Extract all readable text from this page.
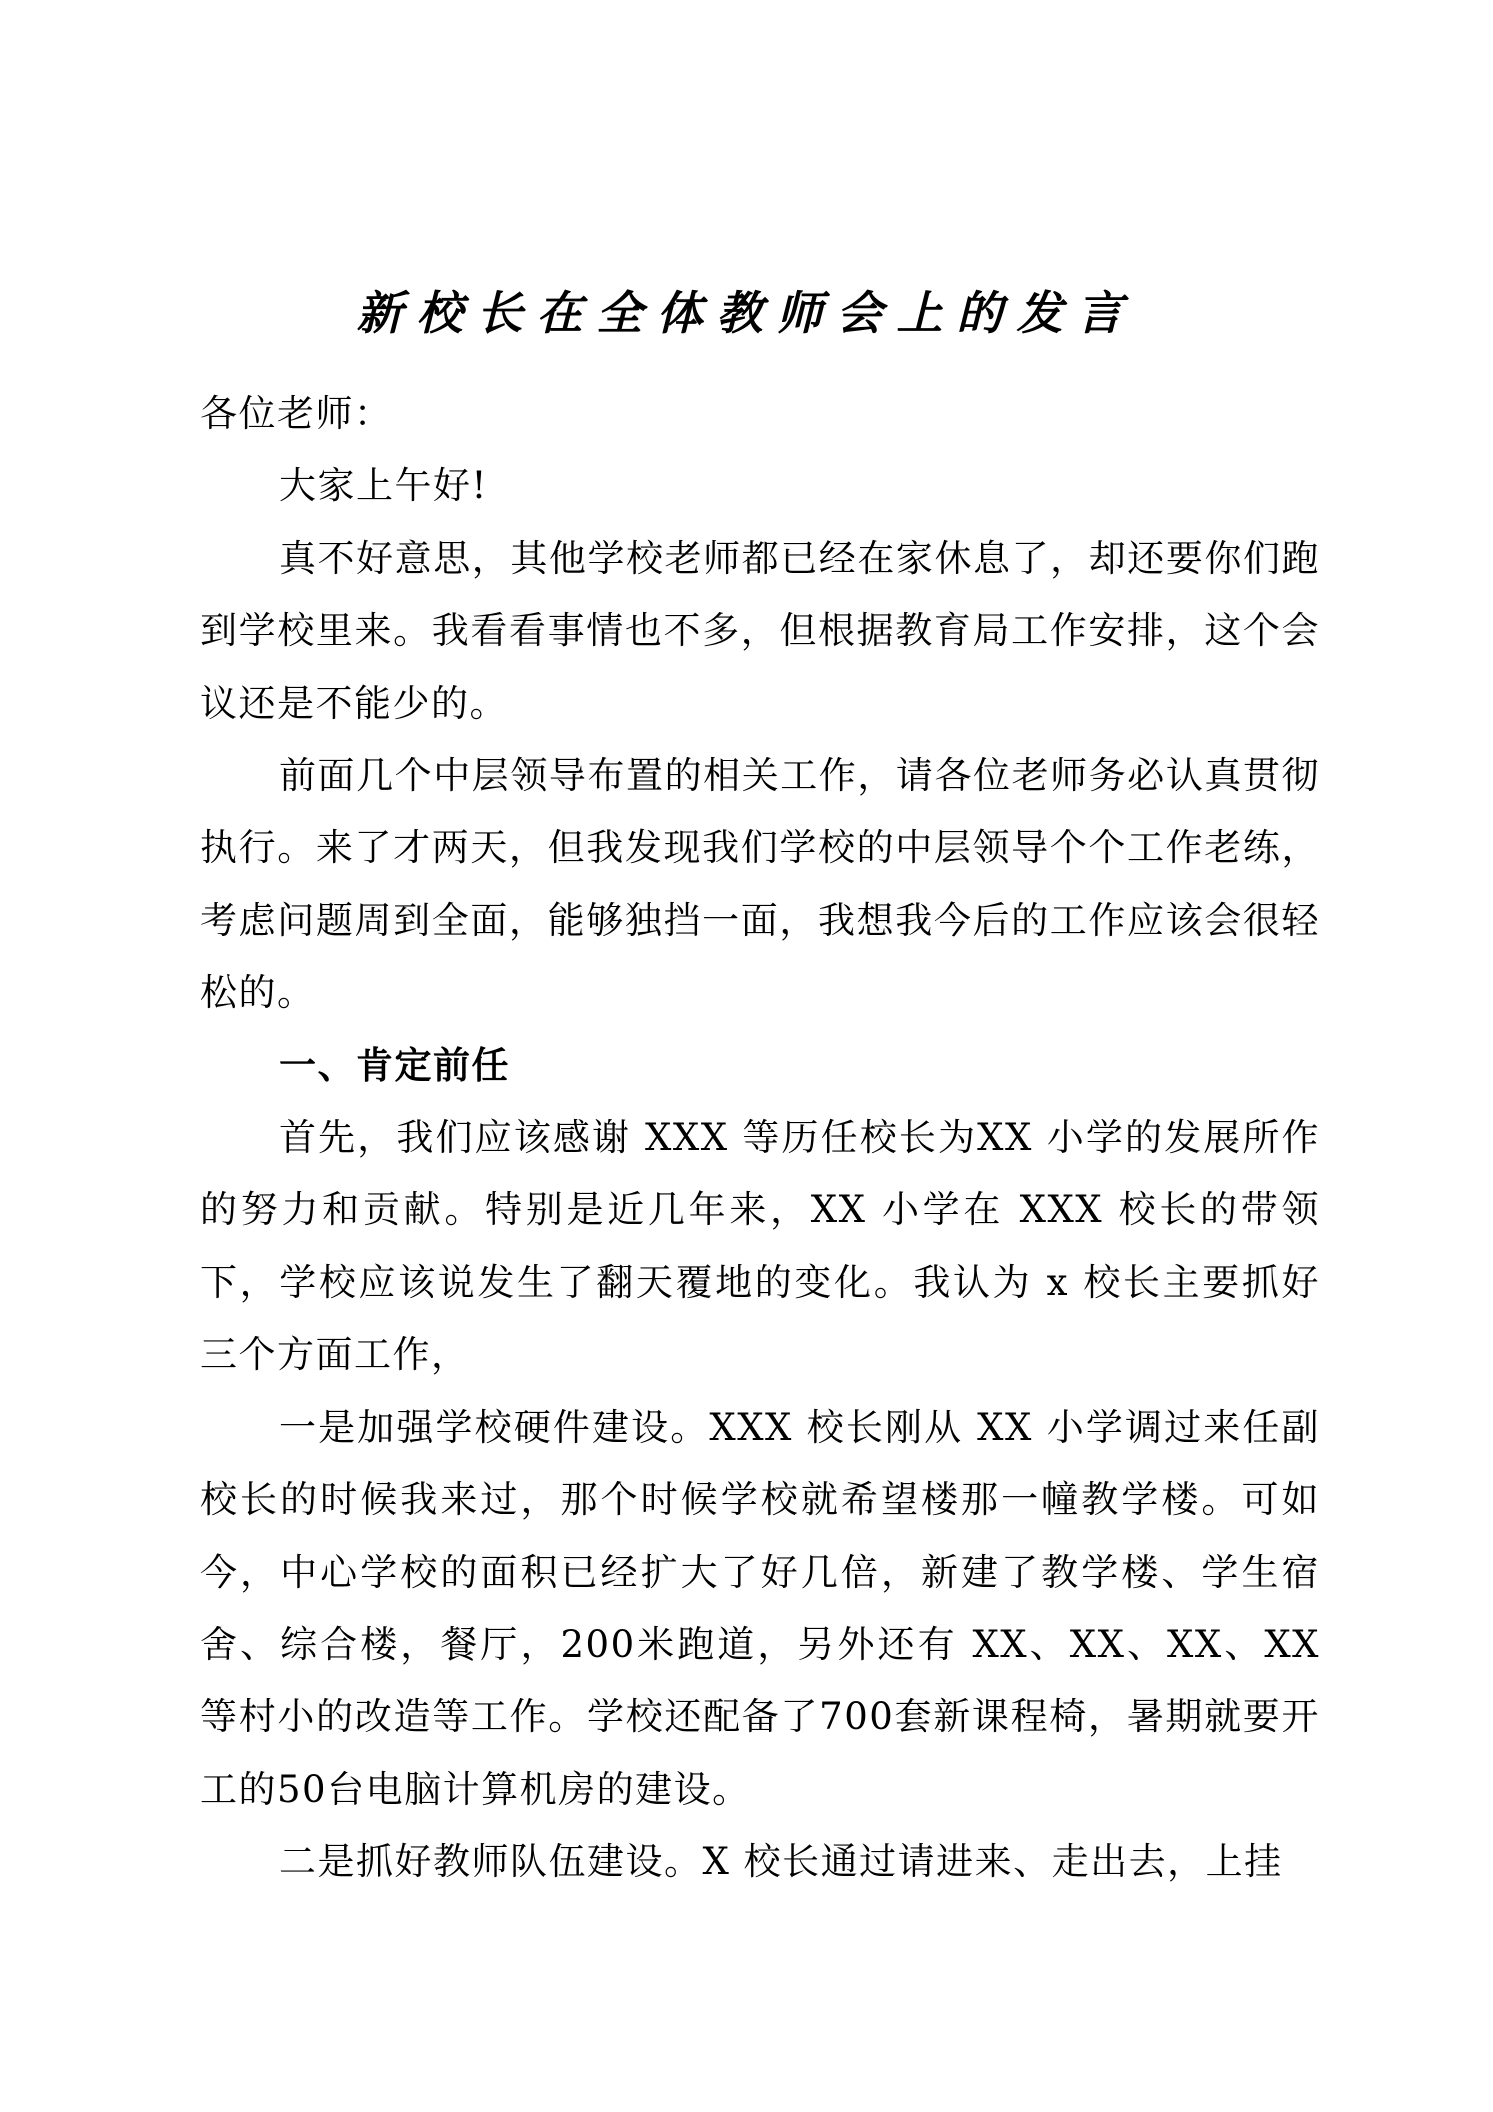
新校长在全体教师会上的发言

各位老师：

大家上午好!

真不好意思，其他学校老师都已经在家休息了，却还要你们跑到学校里来。我看看事情也不多，但根据教育局工作安排，这个会议还是不能少的。

前面几个中层领导布置的相关工作，请各位老师务必认真贯彻执行。来了才两天，但我发现我们学校的中层领导个个工作老练，考虑问题周到全面，能够独挡一面，我想我今后的工作应该会很轻松的。

一、肯定前任

首先，我们应该感谢 XXX 等历任校长为XX 小学的发展所作的努力和贡献。特别是近几年来，XX 小学在 XXX 校长的带领下，学校应该说发生了翻天覆地的变化。我认为 x 校长主要抓好三个方面工作，

一是加强学校硬件建设。XXX 校长刚从 XX 小学调过来任副校长的时候我来过，那个时候学校就希望楼那一幢教学楼。可如今，中心学校的面积已经扩大了好几倍，新建了教学楼、学生宿舍、综合楼，餐厅，200米跑道，另外还有 XX、XX、XX、XX 等村小的改造等工作。学校还配备了700套新课程椅，暑期就要开工的50台电脑计算机房的建设。

二是抓好教师队伍建设。X 校长通过请进来、走出去，上挂
